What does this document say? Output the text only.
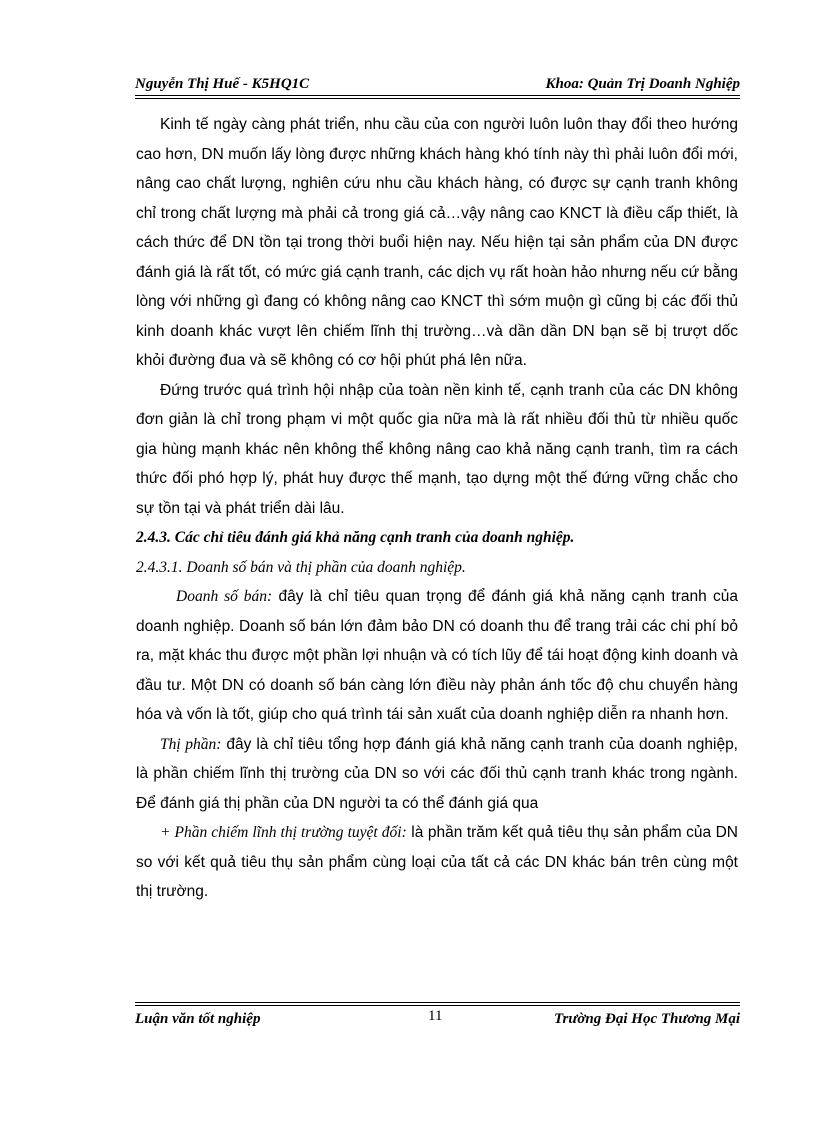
Nguyễn Thị Huế - K5HQ1C	Khoa: Quản Trị Doanh Nghiệp

Kinh tế ngày càng phát triển, nhu cầu của con người luôn luôn thay đổi theo hướng cao hơn, DN muốn lấy lòng được những khách hàng khó tính này thì phải luôn đổi mới, nâng cao chất lượng, nghiên cứu nhu cầu khách hàng, có được sự cạnh tranh không chỉ trong chất lượng mà phải cả trong giá cả…vậy nâng cao KNCT là điều cấp thiết, là cách thức để DN tồn tại trong thời buổi hiện nay. Nếu hiện tại sản phẩm của DN được đánh giá là rất tốt, có mức giá cạnh tranh, các dịch vụ rất hoàn hảo nhưng nếu cứ bằng lòng với những gì đang có không nâng cao KNCT thì sớm muộn gì cũng bị các đối thủ kinh doanh khác vượt lên chiếm lĩnh thị trường…và dần dần DN bạn sẽ bị trượt dốc khỏi đường đua và sẽ không có cơ hội phút phá lên nữa.

Đứng trước quá trình hội nhập của toàn nền kinh tế, cạnh tranh của các DN không đơn giản là chỉ trong phạm vi một quốc gia nữa mà là rất nhiều đối thủ từ nhiều quốc gia hùng mạnh khác nên không thể không nâng cao khả năng cạnh tranh, tìm ra cách thức đối phó hợp lý, phát huy được thế mạnh, tạo dựng một thế đứng vững chắc cho sự tồn tại và phát triển dài lâu.

2.4.3. Các chỉ tiêu đánh giá khả năng cạnh tranh của doanh nghiệp.

2.4.3.1. Doanh số bán và thị phần của doanh nghiệp.

Doanh số bán: đây là chỉ tiêu quan trọng để đánh giá khả năng cạnh tranh của doanh nghiệp. Doanh số bán lớn đảm bảo DN có doanh thu để trang trải các chi phí bỏ ra, mặt khác thu được một phần lợi nhuận và có tích lũy để tái hoạt động kinh doanh và đầu tư. Một DN có doanh số bán càng lớn điều này phản ánh tốc độ chu chuyển hàng hóa và vốn là tốt, giúp cho quá trình tái sản xuất của doanh nghiệp diễn ra nhanh hơn.

Thị phần: đây là chỉ tiêu tổng hợp đánh giá khả năng cạnh tranh của doanh nghiệp, là phần chiếm lĩnh thị trường của DN so với các đối thủ cạnh tranh khác trong ngành. Để đánh giá thị phần của DN người ta có thể đánh giá qua

+ Phần chiếm lĩnh thị trường tuyệt đối: là phần trăm kết quả tiêu thụ sản phẩm của DN so với kết quả tiêu thụ sản phẩm cùng loại của tất cả các DN khác bán trên cùng một thị trường.

Luận văn tốt nghiệp	11	Trường Đại Học Thương Mại
